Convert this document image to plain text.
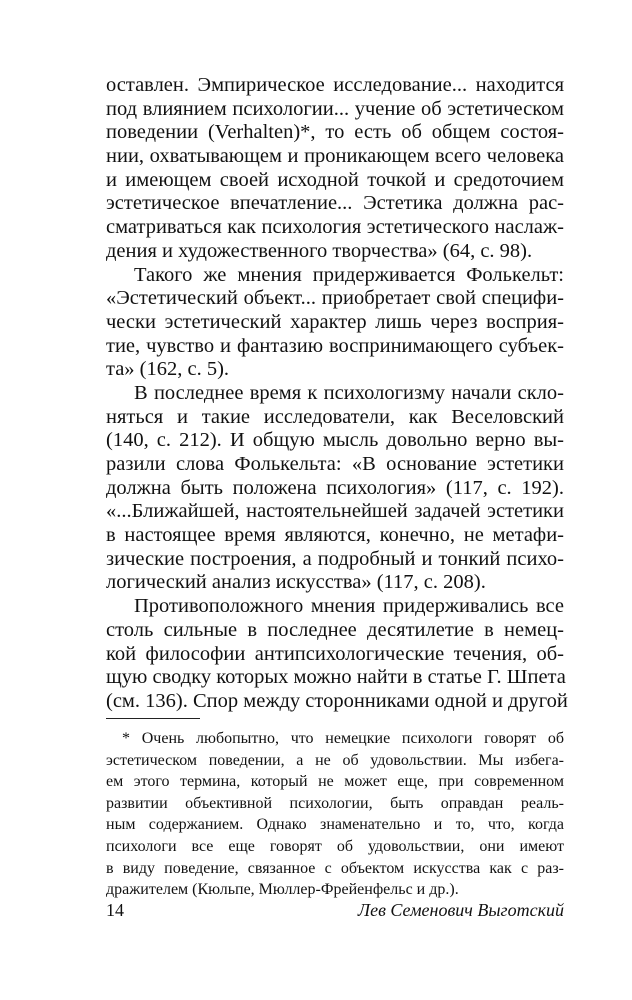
оставлен. Эмпирическое исследование... находится
под влиянием психологии... учение об эстетическом
поведении (Verhalten)*, то есть об общем состоя-
нии, охватывающем и проникающем всего человека
и имеющем своей исходной точкой и средоточием
эстетическое впечатление... Эстетика должна рас-
сматриваться как психология эстетического наслаж-
дения и художественного творчества» (64, с. 98).
Такого же мнения придерживается Фолькельт:
«Эстетический объект... приобретает свой специфи-
чески эстетический характер лишь через восприя-
тие, чувство и фантазию воспринимающего субъек-
та» (162, с. 5).
В последнее время к психологизму начали скло-
няться и такие исследователи, как Веселовский
(140, с. 212). И общую мысль довольно верно вы-
разили слова Фолькельта: «В основание эстетики
должна быть положена психология» (117, с. 192).
«...Ближайшей, настоятельнейшей задачей эстетики
в настоящее время являются, конечно, не метафи-
зические построения, а подробный и тонкий психо-
логический анализ искусства» (117, с. 208).
Противоположного мнения придерживались все
столь сильные в последнее десятилетие в немец-
кой философии антипсихологические течения, об-
щую сводку которых можно найти в статье Г. Шпета
(см. 136). Спор между сторонниками одной и другой
* Очень любопытно, что немецкие психологи говорят об
эстетическом поведении, а не об удовольствии. Мы избега-
ем этого термина, который не может еще, при современном
развитии объективной психологии, быть оправдан реаль-
ным содержанием. Однако знаменательно и то, что, когда
психологи все еще говорят об удовольствии, они имеют
в виду поведение, связанное с объектом искусства как с раз-
дражителем (Кюльпе, Мюллер-Фрейенфельс и др.).
14	Лев Семенович Выготский
